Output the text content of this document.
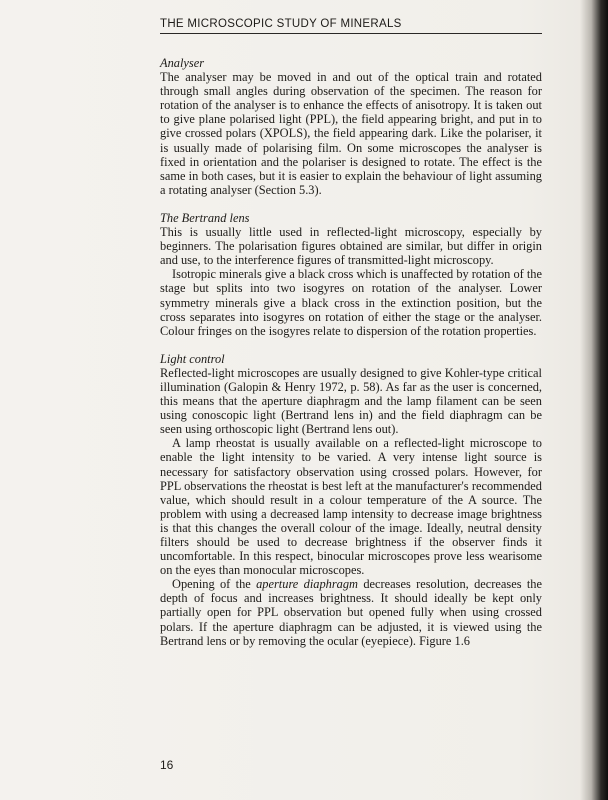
THE MICROSCOPIC STUDY OF MINERALS

Analyser

The analyser may be moved in and out of the optical train and rotated through small angles during observation of the specimen. The reason for rotation of the analyser is to enhance the effects of anisotropy. It is taken out to give plane polarised light (PPL), the field appearing bright, and put in to give crossed polars (XPOLS), the field appearing dark. Like the polariser, it is usually made of polarising film. On some microscopes the analyser is fixed in orientation and the polariser is designed to rotate. The effect is the same in both cases, but it is easier to explain the behaviour of light assuming a rotating analyser (Section 5.3).

The Bertrand lens

This is usually little used in reflected-light microscopy, especially by beginners. The polarisation figures obtained are similar, but differ in origin and use, to the interference figures of transmitted-light microscopy.

Isotropic minerals give a black cross which is unaffected by rotation of the stage but splits into two isogyres on rotation of the analyser. Lower symmetry minerals give a black cross in the extinction position, but the cross separates into isogyres on rotation of either the stage or the analyser. Colour fringes on the isogyres relate to dispersion of the rotation properties.

Light control

Reflected-light microscopes are usually designed to give Kohler-type critical illumination (Galopin & Henry 1972, p. 58). As far as the user is concerned, this means that the aperture diaphragm and the lamp filament can be seen using conoscopic light (Bertrand lens in) and the field diaphragm can be seen using orthoscopic light (Bertrand lens out).

A lamp rheostat is usually available on a reflected-light microscope to enable the light intensity to be varied. A very intense light source is necessary for satisfactory observation using crossed polars. However, for PPL observations the rheostat is best left at the manufacturer's recommended value, which should result in a colour temperature of the A source. The problem with using a decreased lamp intensity to decrease image brightness is that this changes the overall colour of the image. Ideally, neutral density filters should be used to decrease brightness if the observer finds it uncomfortable. In this respect, binocular microscopes prove less wearisome on the eyes than monocular microscopes.

Opening of the aperture diaphragm decreases resolution, decreases the depth of focus and increases brightness. It should ideally be kept only partially open for PPL observation but opened fully when using crossed polars. If the aperture diaphragm can be adjusted, it is viewed using the Bertrand lens or by removing the ocular (eyepiece). Figure 1.6

16
